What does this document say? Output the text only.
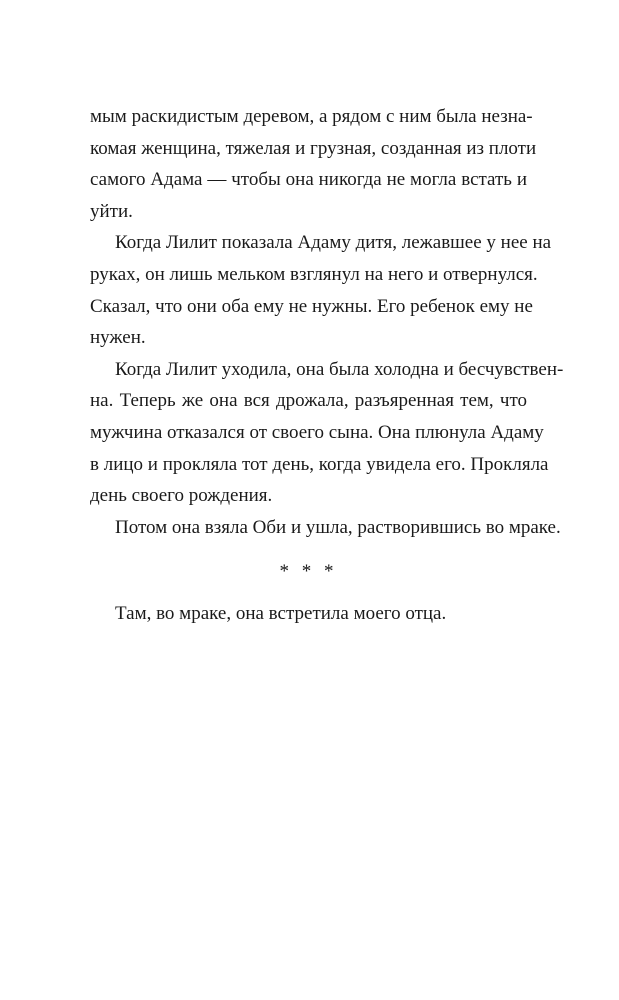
мым раскидистым деревом, а рядом с ним была незна-
комая женщина, тяжелая и грузная, созданная из плоти
самого Адама — чтобы она никогда не могла встать и
уйти.
Когда Лилит показала Адаму дитя, лежавшее у нее на
руках, он лишь мельком взглянул на него и отвернулся.
Сказал, что они оба ему не нужны. Его ребенок ему не
нужен.
Когда Лилит уходила, она была холодна и бесчувствен-
на. Теперь же она вся дрожала, разъяренная тем, что
мужчина отказался от своего сына. Она плюнула Адаму
в лицо и прокляла тот день, когда увидела его. Прокляла
день своего рождения.
Потом она взяла Оби и ушла, растворившись во мраке.
* * *
Там, во мраке, она встретила моего отца.
